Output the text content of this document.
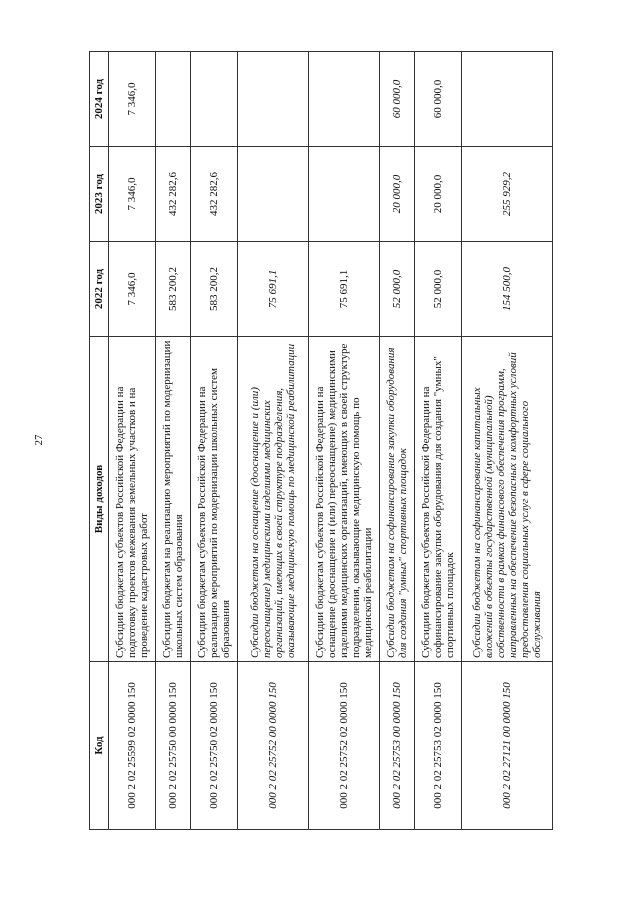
27
Код	Виды доходов	2022 год	2023 год	2024 год
000 2 02 25599 02 0000 150	Субсидии бюджетам субъектов Российской Федерации на подготовку проектов межевания земельных участков и на проведение кадастровых работ	7 346,0	7 346,0	7 346,0
000 2 02 25750 00 0000 150	Субсидии бюджетам на реализацию мероприятий по модернизации школьных систем образования	583 200,2	432 282,6	
000 2 02 25750 02 0000 150	Субсидии бюджетам субъектов Российской Федерации на реализацию мероприятий по модернизации школьных систем образования	583 200,2	432 282,6	
000 2 02 25752 00 0000 150	Субсидии бюджетам на оснащение (дооснащение и (или) переоснащение) медицинскими изделиями медицинских организаций, имеющих в своей структуре подразделения, оказывающие медицинскую помощь по медицинской реабилитации	75 691,1		
000 2 02 25752 02 0000 150	Субсидии бюджетам субъектов Российской Федерации на оснащение (дооснащение и (или) переоснащение) медицинскими изделиями медицинских организаций, имеющих в своей структуре подразделения, оказывающие медицинскую помощь по медицинской реабилитации	75 691,1		
000 2 02 25753 00 0000 150	Субсидии бюджетам на софинансирование закупки оборудования для создания "умных" спортивных площадок	52 000,0	20 000,0	60 000,0
000 2 02 25753 02 0000 150	Субсидии бюджетам субъектов Российской Федерации на софинансирование закупки оборудования для создания "умных" спортивных площадок	52 000,0	20 000,0	60 000,0
000 2 02 27121 00 0000 150	Субсидии бюджетам на софинансирование капитальных вложений в объекты государственной (муниципальной) собственности в рамках финансового обеспечения программ, направленных на обеспечение безопасных и комфортных условий предоставления социальных услуг в сфере социального обслуживания	154 500,0	255 929,2	
